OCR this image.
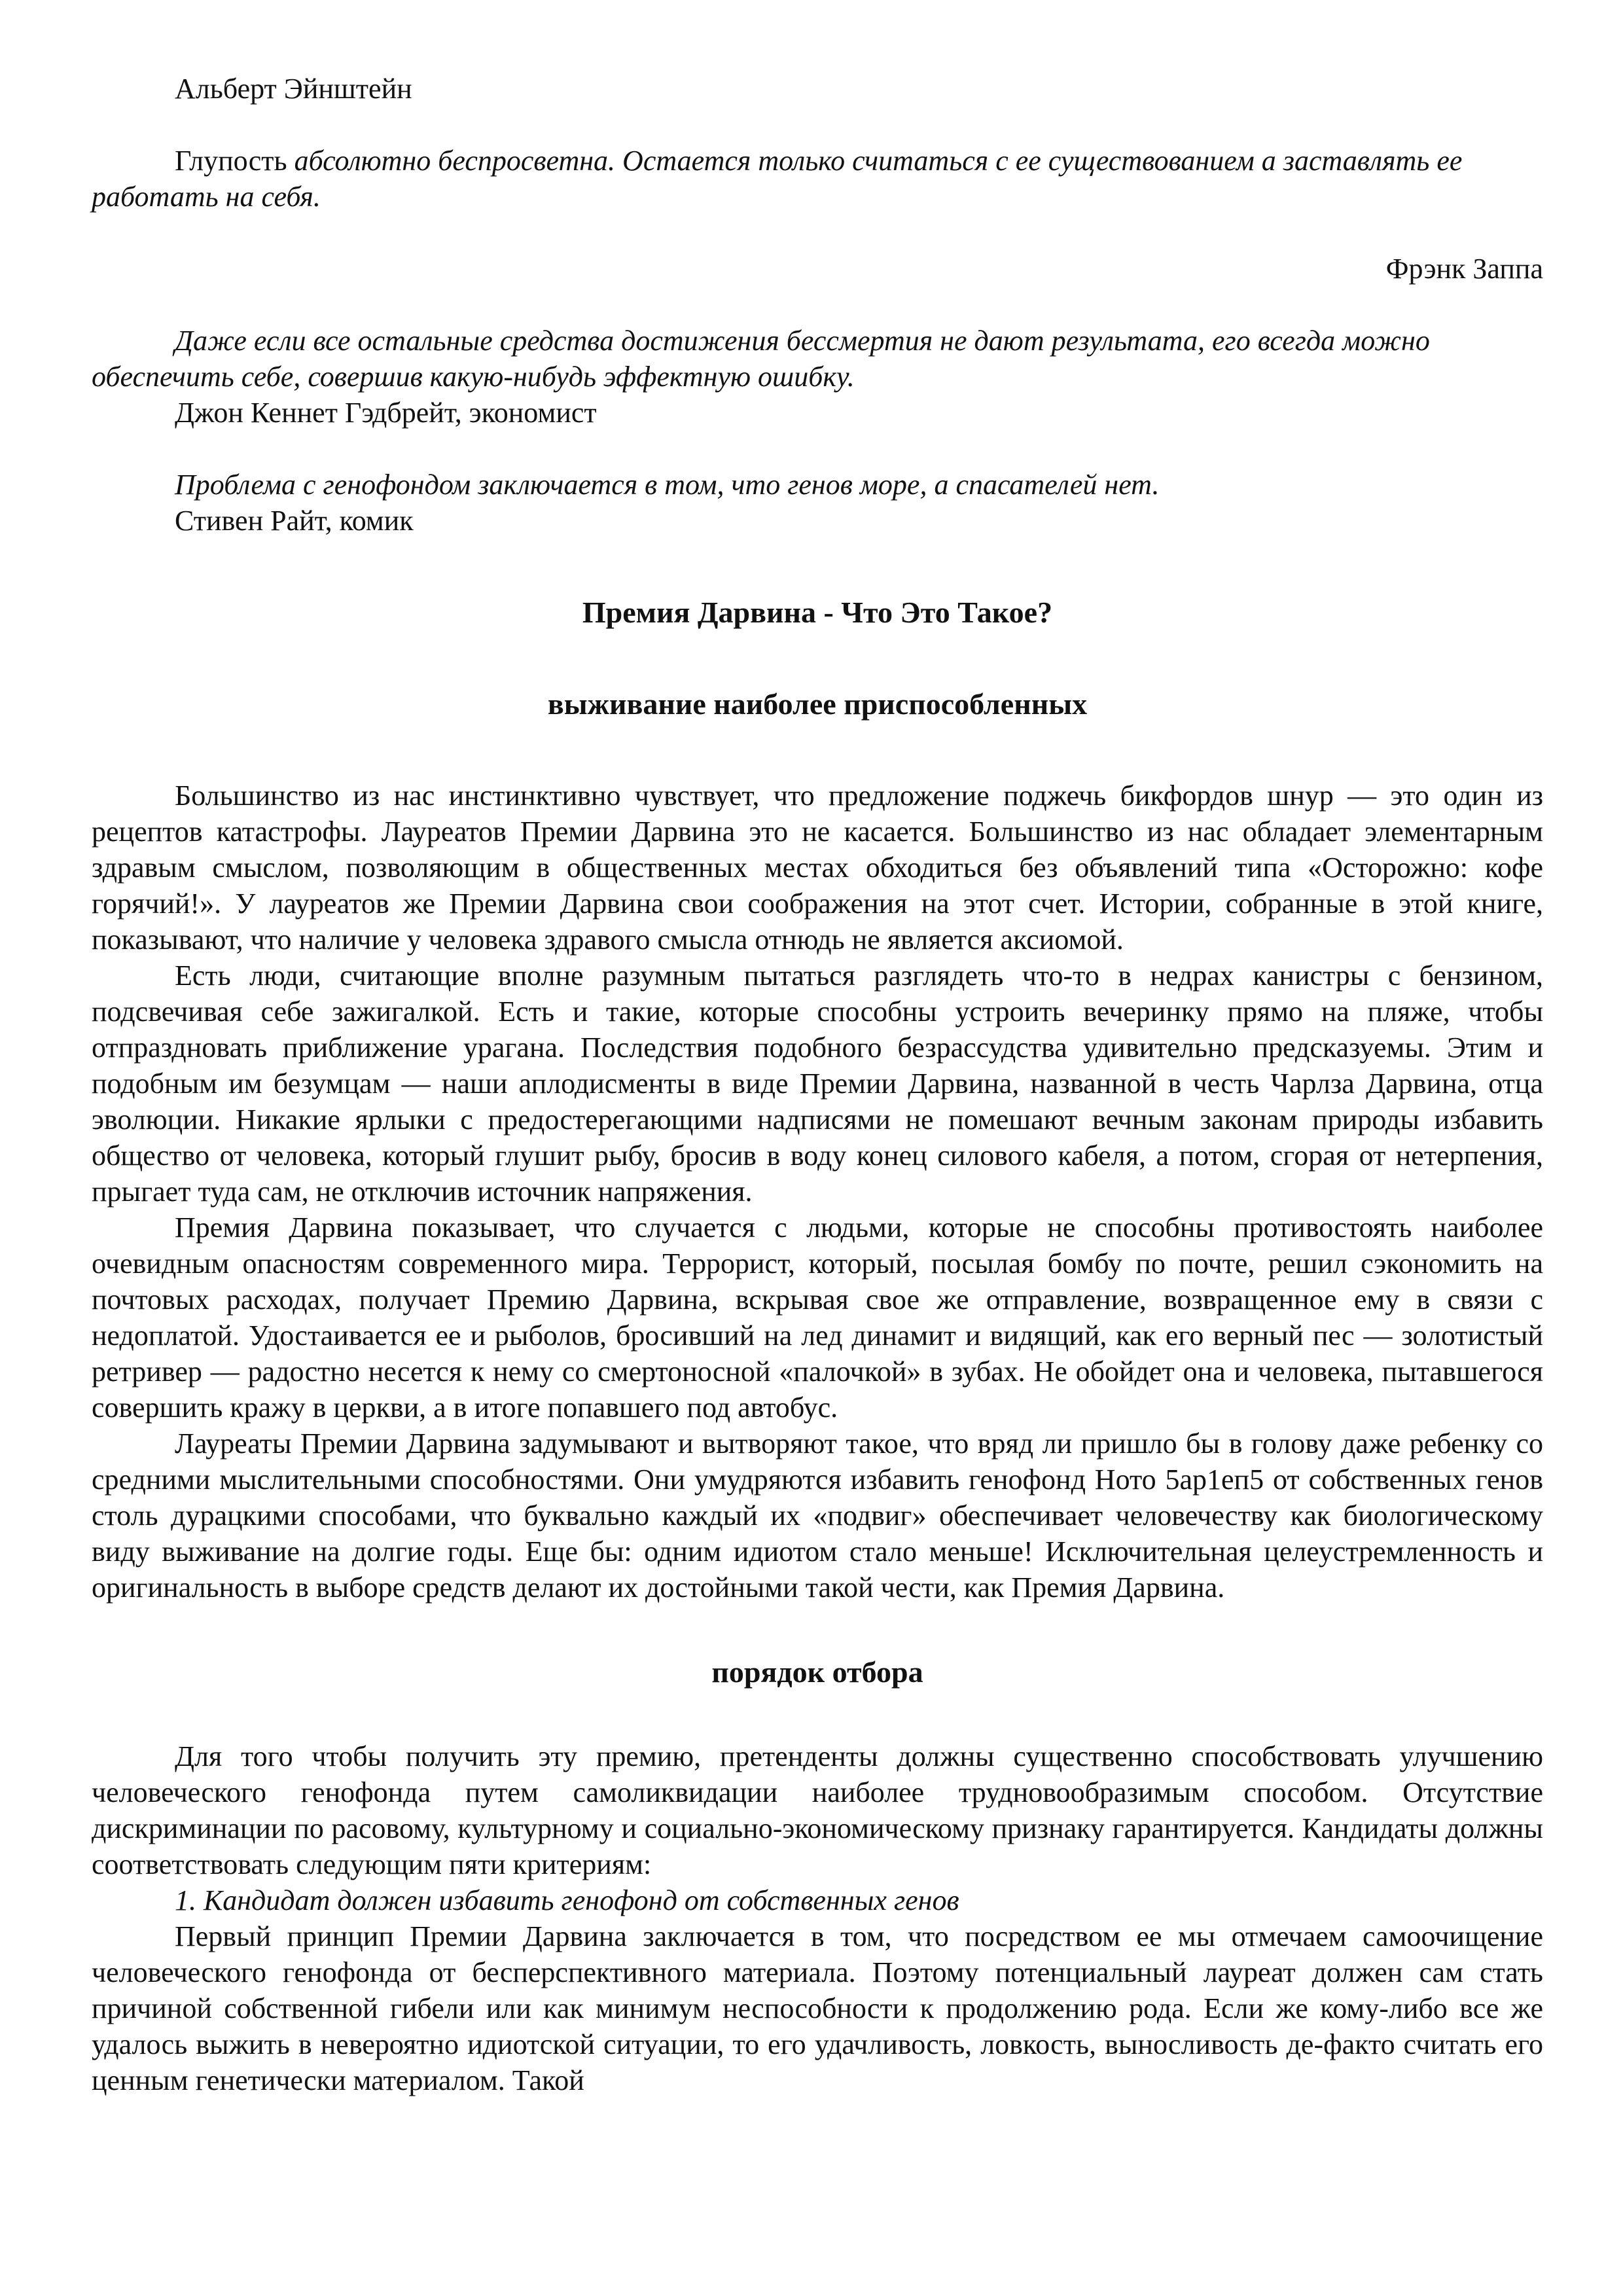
Альберт Эйнштейн

Глупость абсолютно беспросветна. Остается только считаться с ее существованием а заставлять ее работать на себя.

Фрэнк Заппа

Даже если все остальные средства достижения бессмертия не дают результата, его всегда можно обеспечить себе, совершив какую-нибудь эффектную ошибку.

Джон Кеннет Гэдбрейт, экономист

Проблема с генофондом заключается в том, что генов море, а спасателей нет.

Стивен Райт, комик

Премия Дарвина - Что Это Такое?
выживание наиболее приспособленных

Большинство из нас инстинктивно чувствует, что предложение поджечь бикфордов шнур — это один из рецептов катастрофы. Лауреатов Премии Дарвина это не касается. Большинство из нас обладает элементарным здравым смыслом, позволяющим в общественных местах обходиться без объявлений типа «Осторожно: кофе горячий!». У лауреатов же Премии Дарвина свои соображения на этот счет. Истории, собранные в этой книге, показывают, что наличие у человека здравого смысла отнюдь не является аксиомой.

Есть люди, считающие вполне разумным пытаться разглядеть что-то в недрах канистры с бензином, подсвечивая себе зажигалкой. Есть и такие, которые способны устроить вечеринку прямо на пляже, чтобы отпраздновать приближение урагана. Последствия подобного безрассудства удивительно предсказуемы. Этим и подобным им безумцам — наши аплодисменты в виде Премии Дарвина, названной в честь Чарлза Дарвина, отца эволюции. Никакие ярлыки с предостерегающими надписями не помешают вечным законам природы избавить общество от человека, который глушит рыбу, бросив в воду конец силового кабеля, а потом, сгорая от нетерпения, прыгает туда сам, не отключив источник напряжения.

Премия Дарвина показывает, что случается с людьми, которые не способны противостоять наиболее очевидным опасностям современного мира. Террорист, который, посылая бомбу по почте, решил сэкономить на почтовых расходах, получает Премию Дарвина, вскрывая свое же отправление, возвращенное ему в связи с недоплатой. Удостаивается ее и рыболов, бросивший на лед динамит и видящий, как его верный пес — золотистый ретривер — радостно несется к нему со смертоносной «палочкой» в зубах. Не обойдет она и человека, пытавшегося совершить кражу в церкви, а в итоге попавшего под автобус.

Лауреаты Премии Дарвина задумывают и вытворяют такое, что вряд ли пришло бы в голову даже ребенку со средними мыслительными способностями. Они умудряются избавить генофонд Ното 5ар1еп5 от собственных генов столь дурацкими способами, что буквально каждый их «подвиг» обеспечивает человечеству как биологическому виду выживание на долгие годы. Еще бы: одним идиотом стало меньше! Исключительная целеустремленность и оригинальность в выборе средств делают их достойными такой чести, как Премия Дарвина.

порядок отбора

Для того чтобы получить эту премию, претенденты должны существенно способствовать улучшению человеческого генофонда путем самоликвидации наиболее трудновообразимым способом. Отсутствие дискриминации по расовому, культурному и социально-экономическому признаку гарантируется. Кандидаты должны соответствовать следующим пяти критериям:

1. Кандидат должен избавить генофонд от собственных генов

Первый принцип Премии Дарвина заключается в том, что посредством ее мы отмечаем самоочищение человеческого генофонда от бесперспективного материала. Поэтому потенциальный лауреат должен сам стать причиной собственной гибели или как минимум неспособности к продолжению рода. Если же кому-либо все же удалось выжить в невероятно идиотской ситуации, то его удачливость, ловкость, выносливость де-факто считать его ценным генетически материалом. Такой
